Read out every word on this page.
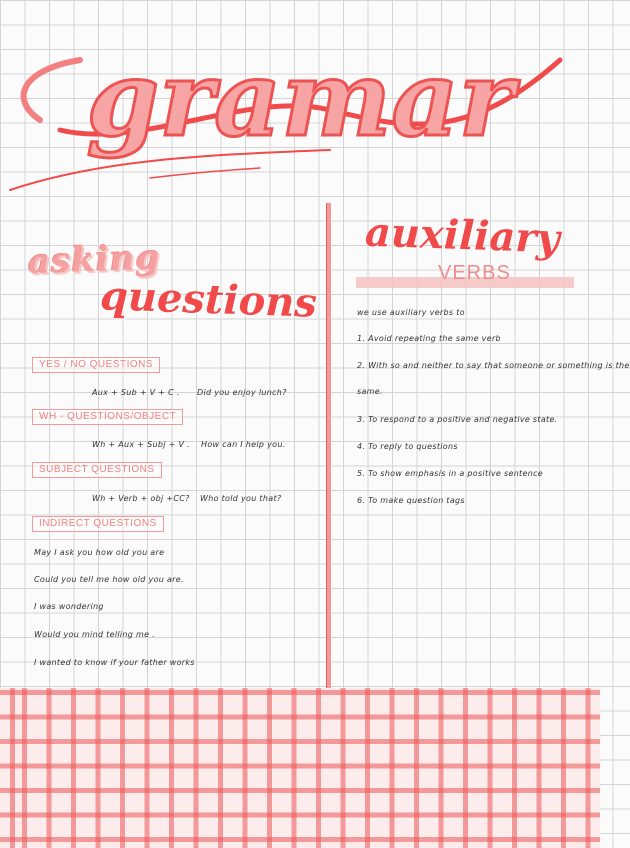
gramar
asking
questions
auxiliary
VERBS
YES / NO QUESTIONS
Aux + Sub + V + C . Did you enjoy lunch?
WH - QUESTIONS/OBJECT
Wh + Aux + Subj + V . How can I help you.
SUBJECT QUESTIONS
Wh + Verb + obj +CC? Who told you that?
INDIRECT QUESTIONS
May I ask you how old you are
Could you tell me how old you are.
I was wondering
Would you mind telling me .
I wanted to know if your father works
we use auxiliary verbs to
1. Avoid repeating the same verb
2. With so and neither to say that someone or something is the
same.
3. To respond to a positive and negative state.
4. To reply to questions
5. To show emphasis in a positive sentence
6. To make question tags
